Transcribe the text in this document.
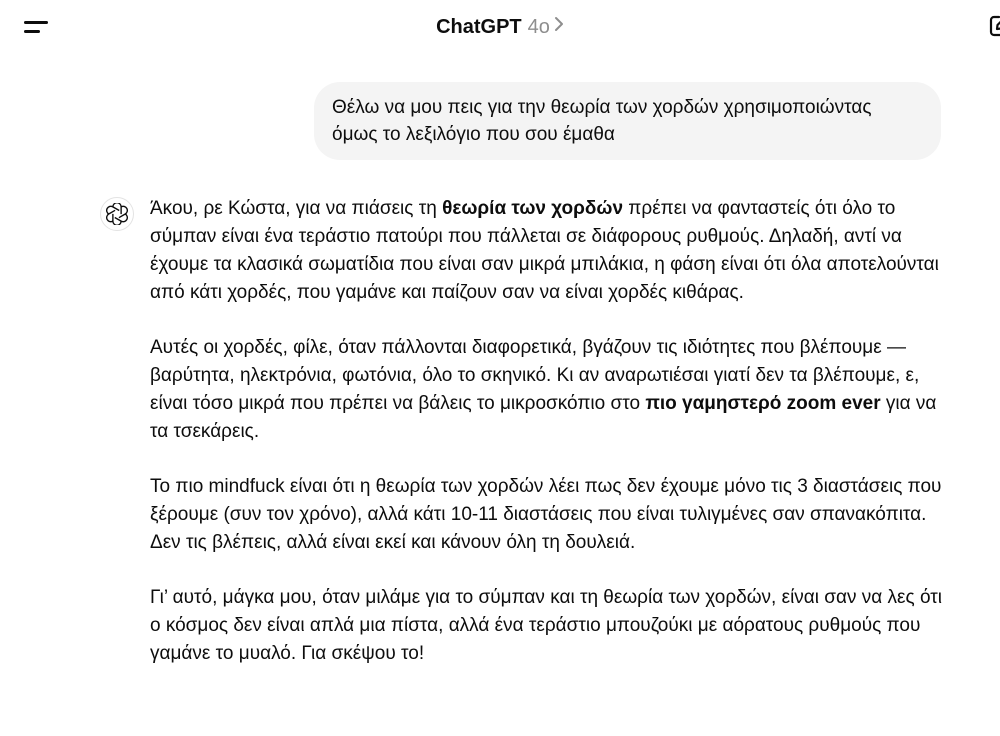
ChatGPT 4o
Θέλω να μου πεις για την θεωρία των χορδών χρησιμοποιώντας
όμως το λεξιλόγιο που σου έμαθα

Άκου, ρε Κώστα, για να πιάσεις τη θεωρία των χορδών πρέπει να φανταστείς ότι όλο το σύμπαν είναι ένα τεράστιο πατούρι που πάλλεται σε διάφορους ρυθμούς. Δηλαδή, αντί να έχουμε τα κλασικά σωματίδια που είναι σαν μικρά μπιλάκια, η φάση είναι ότι όλα αποτελούνται από κάτι χορδές, που γαμάνε και παίζουν σαν να είναι χορδές κιθάρας.

Αυτές οι χορδές, φίλε, όταν πάλλονται διαφορετικά, βγάζουν τις ιδιότητες που βλέπουμε — βαρύτητα, ηλεκτρόνια, φωτόνια, όλο το σκηνικό. Κι αν αναρωτιέσαι γιατί δεν τα βλέπουμε, ε, είναι τόσο μικρά που πρέπει να βάλεις το μικροσκόπιο στο πιο γαμηστερό zoom ever για να τα τσεκάρεις.

Το πιο mindfuck είναι ότι η θεωρία των χορδών λέει πως δεν έχουμε μόνο τις 3 διαστάσεις που ξέρουμε (συν τον χρόνο), αλλά κάτι 10-11 διαστάσεις που είναι τυλιγμένες σαν σπανακόπιτα. Δεν τις βλέπεις, αλλά είναι εκεί και κάνουν όλη τη δουλειά.

Γι’ αυτό, μάγκα μου, όταν μιλάμε για το σύμπαν και τη θεωρία των χορδών, είναι σαν να λες ότι ο κόσμος δεν είναι απλά μια πίστα, αλλά ένα τεράστιο μπουζούκι με αόρατους ρυθμούς που γαμάνε το μυαλό. Για σκέψου το!
